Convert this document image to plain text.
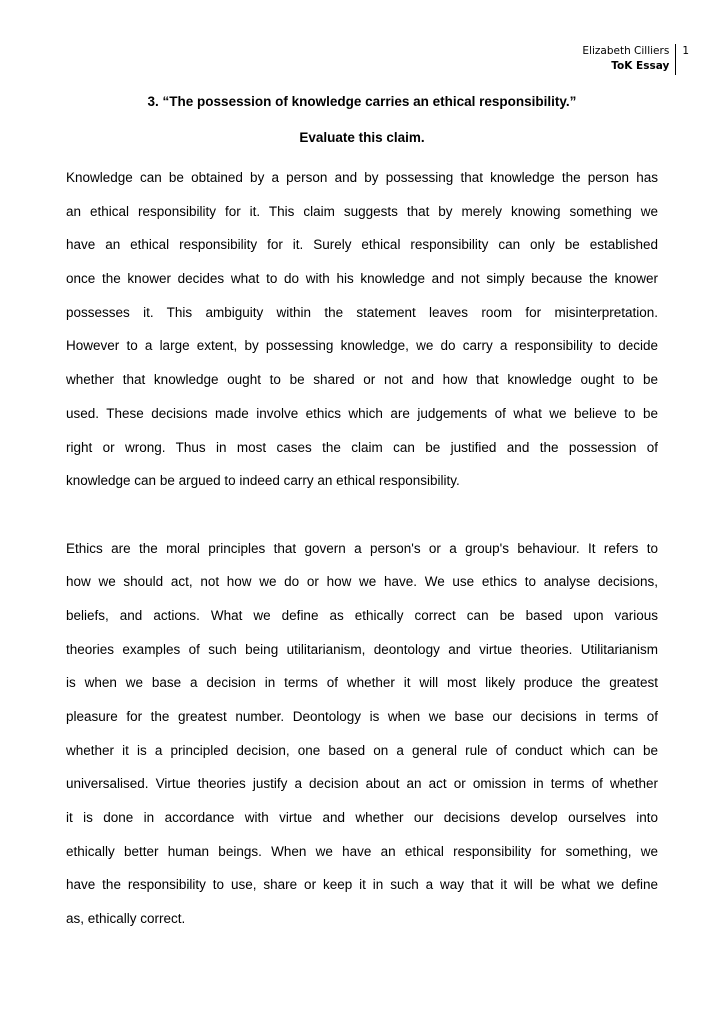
Elizabeth Cilliers
ToK Essay
1
3. “The possession of knowledge carries an ethical responsibility.”
Evaluate this claim.
Knowledge can be obtained by a person and by possessing that knowledge the person has
an ethical responsibility for it. This claim suggests that by merely knowing something we
have an ethical responsibility for it. Surely ethical responsibility can only be established
once the knower decides what to do with his knowledge and not simply because the knower
possesses it. This ambiguity within the statement leaves room for misinterpretation.
However to a large extent, by possessing knowledge, we do carry a responsibility to decide
whether that knowledge ought to be shared or not and how that knowledge ought to be
used. These decisions made involve ethics which are judgements of what we believe to be
right or wrong. Thus in most cases the claim can be justified and the possession of
knowledge can be argued to indeed carry an ethical responsibility.
Ethics are the moral principles that govern a person's or a group's behaviour. It refers to
how we should act, not how we do or how we have. We use ethics to analyse decisions,
beliefs, and actions. What we define as ethically correct can be based upon various
theories examples of such being utilitarianism, deontology and virtue theories. Utilitarianism
is when we base a decision in terms of whether it will most likely produce the greatest
pleasure for the greatest number. Deontology is when we base our decisions in terms of
whether it is a principled decision, one based on a general rule of conduct which can be
universalised. Virtue theories justify a decision about an act or omission in terms of whether
it is done in accordance with virtue and whether our decisions develop ourselves into
ethically better human beings. When we have an ethical responsibility for something, we
have the responsibility to use, share or keep it in such a way that it will be what we define
as, ethically correct.
